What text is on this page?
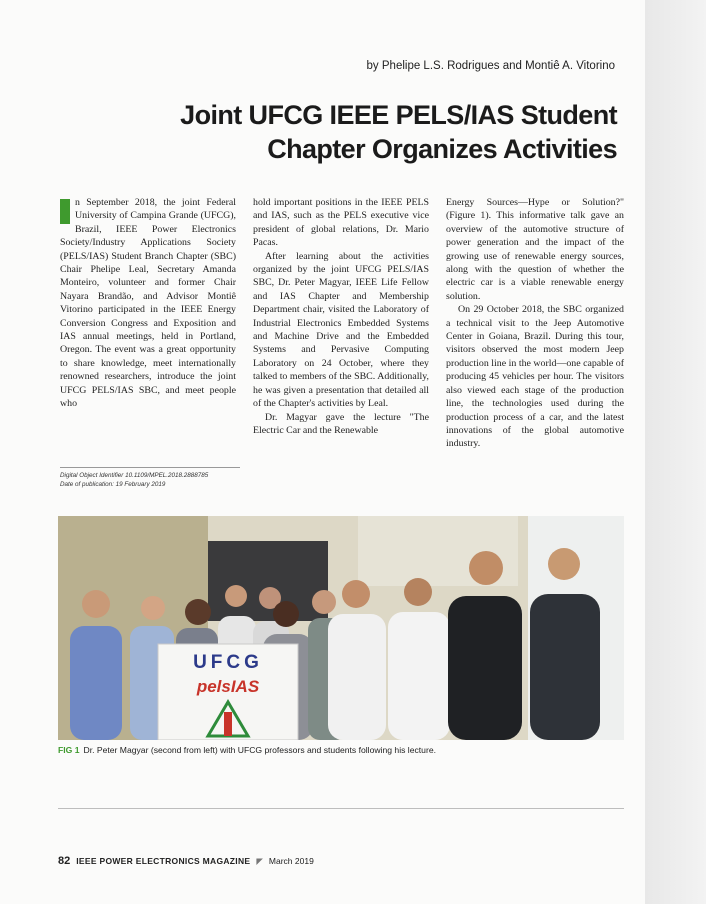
by Phelipe L.S. Rodrigues and Montiê A. Vitorino
Joint UFCG IEEE PELS/IAS Student
Chapter Organizes Activities

n September 2018, the joint Federal University of Campina Grande (UFCG), Brazil, IEEE Power Electronics Society/Industry Applications Society (PELS/IAS) Student Branch Chapter (SBC) Chair Phelipe Leal, Secretary Amanda Monteiro, volunteer and former Chair Nayara Brandão, and Advisor Montiê Vitorino participated in the IEEE Energy Conversion Congress and Exposition and IAS annual meetings, held in Portland, Oregon. The event was a great opportunity to share knowledge, meet internationally renowned researchers, introduce the joint UFCG PELS/IAS SBC, and meet people who

hold important positions in the IEEE PELS and IAS, such as the PELS executive vice president of global relations, Dr. Mario Pacas.

After learning about the activities organized by the joint UFCG PELS/IAS SBC, Dr. Peter Magyar, IEEE Life Fellow and IAS Chapter and Membership Department chair, visited the Laboratory of Industrial Electronics Embedded Systems and Machine Drive and the Embedded Systems and Pervasive Computing Laboratory on 24 October, where they talked to members of the SBC. Additionally, he was given a presentation that detailed all of the Chapter's activities by Leal.

Dr. Magyar gave the lecture "The Electric Car and the Renewable

Energy Sources—Hype or Solution?" (Figure 1). This informative talk gave an overview of the automotive structure of power generation and the impact of the growing use of renewable energy sources, along with the question of whether the electric car is a viable renewable energy solution.

On 29 October 2018, the SBC organized a technical visit to the Jeep Automotive Center in Goiana, Brazil. During this tour, visitors observed the most modern Jeep production line in the world—one capable of producing 45 vehicles per hour. The visitors also viewed each stage of the production line, the technologies used during the production process of a car, and the latest innovations of the global automotive industry.

Digital Object Identifier 10.1109/MPEL.2018.2888785
Date of publication: 19 February 2019
UFCG
pelsIAS
FIG 1 Dr. Peter Magyar (second from left) with UFCG professors and students following his lecture.
82 IEEE POWER ELECTRONICS MAGAZINE ◤ March 2019
